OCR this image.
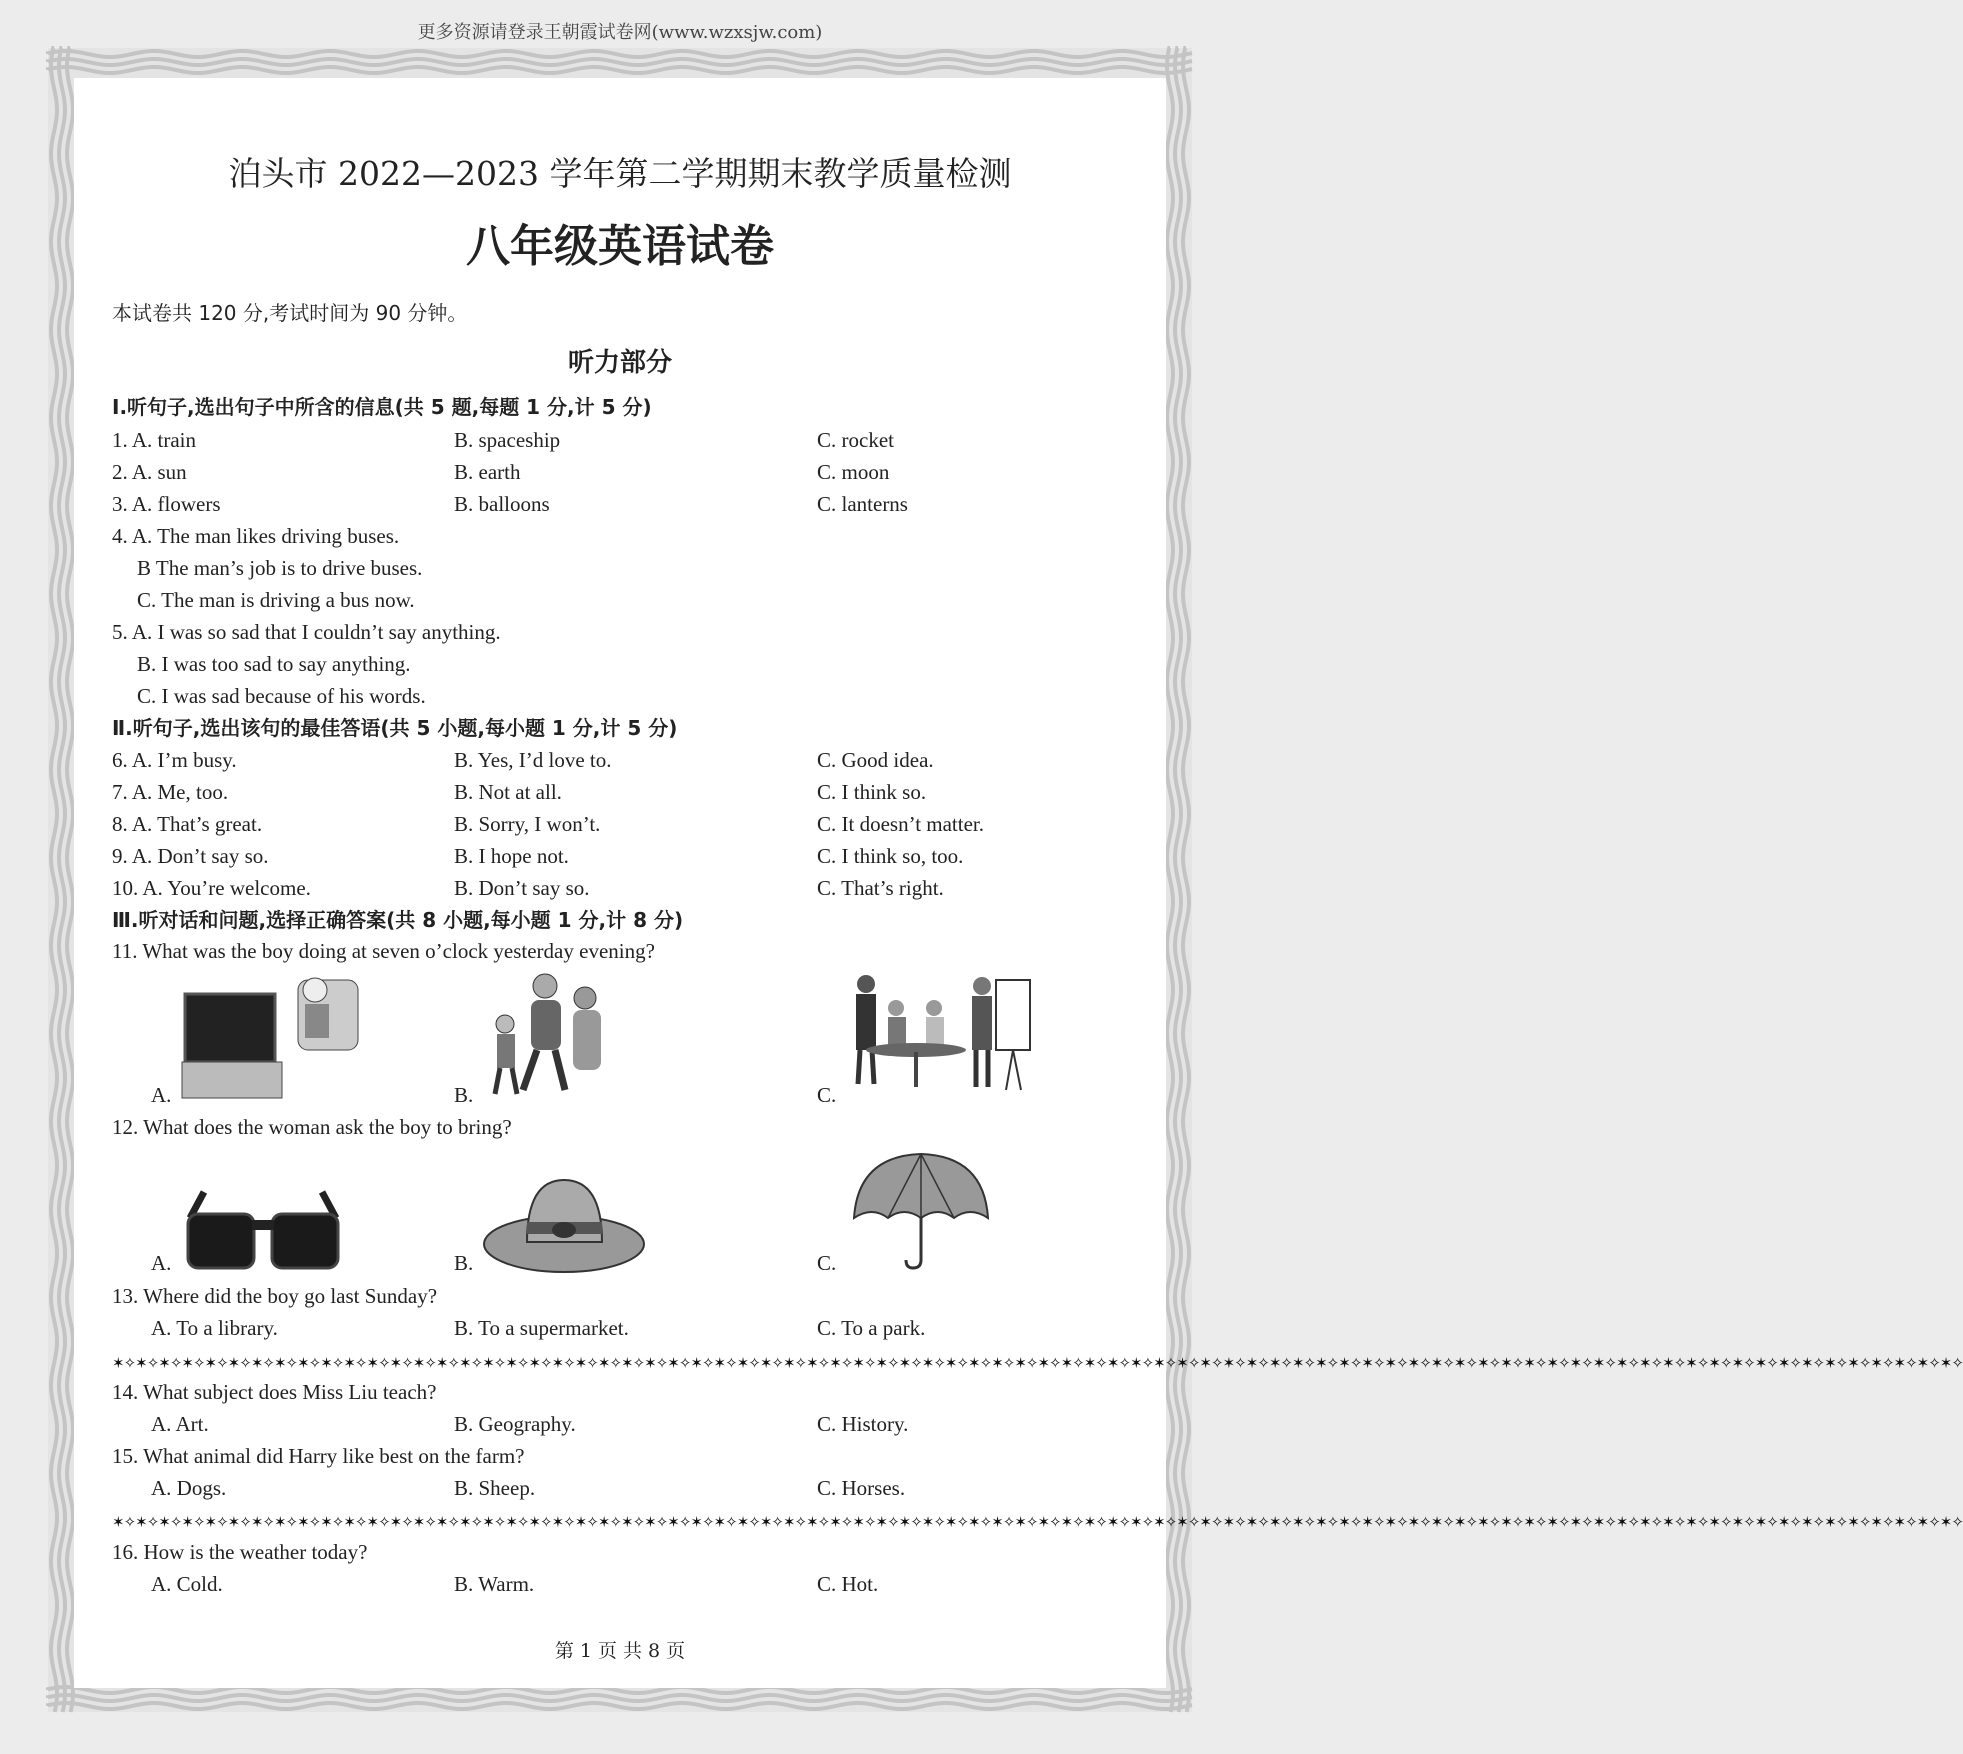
更多资源请登录王朝霞试卷网(www.wzxsjw.com)
泊头市 2022—2023 学年第二学期期末教学质量检测
八年级英语试卷
本试卷共 120 分,考试时间为 90 分钟。
听力部分
Ⅰ.听句子,选出句子中所含的信息(共 5 题,每题 1 分,计 5 分)
1. A. train	B. spaceship	C. rocket
2. A. sun	B. earth	C. moon
3. A. flowers	B. balloons	C. lanterns
4. A. The man likes driving buses.
B The man’s job is to drive buses.
C. The man is driving a bus now.
5. A. I was so sad that I couldn’t say anything.
B. I was too sad to say anything.
C. I was sad because of his words.
6. A. I’m busy.	B. Yes, I’d love to.	C. Good idea.
7. A. Me, too.	B. Not at all.	C. I think so.
8. A. That’s great.	B. Sorry, I won’t.	C. It doesn’t matter.
9. A. Don’t say so.	B. I hope not.	C. I think so, too.
10. A. You’re welcome.	B. Don’t say so.	C. That’s right.
Ⅱ.听句子,选出该句的最佳答语(共 5 小题,每小题 1 分,计 5 分)
Ⅲ.听对话和问题,选择正确答案(共 8 小题,每小题 1 分,计 8 分)
11. What was the boy doing at seven o’clock yesterday evening?
A.	B.	C.
12. What does the woman ask the boy to bring?
A.	B.	C.
13. Where did the boy go last Sunday?
A. To a library.	B. To a supermarket.	C. To a park.
✶✧✶✧✶✧✶✧✶✧✶✧✶✧✶✧✶✧✶✧✶✧✶✧✶✧✶✧✶✧✶✧✶✧✶✧✶✧✶✧✶✧✶✧✶✧✶✧✶✧✶✧✶✧✶✧✶✧✶✧✶✧✶✧✶✧✶✧✶✧✶✧✶✧✶✧✶✧✶✧✶✧✶✧✶✧✶✧✶✧✶✧✶✧✶✧✶✧✶✧✶✧✶✧✶✧✶✧✶✧✶✧✶✧✶✧✶✧✶✧✶✧✶✧✶✧✶✧✶✧✶✧✶✧✶✧✶✧✶✧✶✧✶✧✶✧✶✧✶✧✶✧✶✧✶✧✶✧✶✧
14. What subject does Miss Liu teach?
A. Art.	B. Geography.	C. History.
15. What animal did Harry like best on the farm?
A. Dogs.	B. Sheep.	C. Horses.
✶✧✶✧✶✧✶✧✶✧✶✧✶✧✶✧✶✧✶✧✶✧✶✧✶✧✶✧✶✧✶✧✶✧✶✧✶✧✶✧✶✧✶✧✶✧✶✧✶✧✶✧✶✧✶✧✶✧✶✧✶✧✶✧✶✧✶✧✶✧✶✧✶✧✶✧✶✧✶✧✶✧✶✧✶✧✶✧✶✧✶✧✶✧✶✧✶✧✶✧✶✧✶✧✶✧✶✧✶✧✶✧✶✧✶✧✶✧✶✧✶✧✶✧✶✧✶✧✶✧✶✧✶✧✶✧✶✧✶✧✶✧✶✧✶✧✶✧✶✧✶✧✶✧✶✧✶✧✶✧
16. How is the weather today?
A. Cold.	B. Warm.	C. Hot.
第 1 页 共 8 页
